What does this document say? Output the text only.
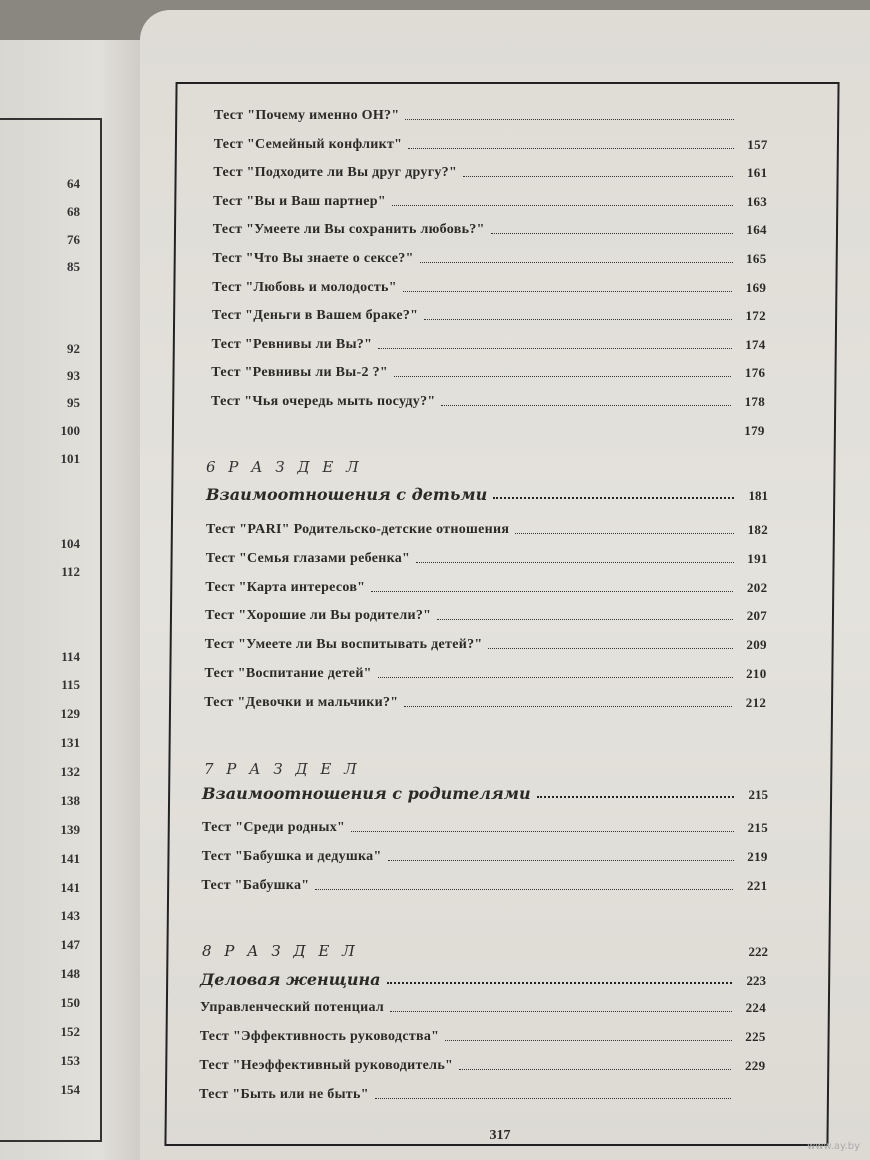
64
68
76
85
92
93
95
100
101
104
112
114
115
129
131
132
138
139
141
141
143
147
148
150
152
153
154
Тест "Почему именно ОН?"
Тест "Семейный конфликт"	157
Тест "Подходите ли Вы друг другу?"	161
Тест "Вы и Ваш партнер"	163
Тест "Умеете ли Вы сохранить любовь?"	164
Тест "Что Вы знаете о сексе?"	165
Тест "Любовь и молодость"	169
Тест "Деньги в Вашем браке?"	172
Тест "Ревнивы ли Вы?"	174
Тест "Ревнивы ли Вы-2 ?"	176
Тест "Чья очередь мыть посуду?"	178
179
6 Р А З Д Е Л
Взаимоотношения с детьми	181
Тест "PARI" Родительско-детские отношения	182
Тест "Семья глазами ребенка"	191
Тест "Карта интересов"	202
Тест "Хорошие ли Вы родители?"	207
Тест "Умеете ли Вы воспитывать детей?"	209
Тест "Воспитание детей"	210
Тест "Девочки и мальчики?"	212
7 Р А З Д Е Л
Взаимоотношения с родителями	215
Тест "Среди родных"	215
Тест "Бабушка и дедушка"	219
Тест "Бабушка"	221
8 Р А З Д Е Л	222
Деловая женщина	223
Управленческий потенциал	224
Тест "Эффективность руководства"	225
Тест "Неэффективный руководитель"	229
Тест "Быть или не быть"
317
www.ay.by
